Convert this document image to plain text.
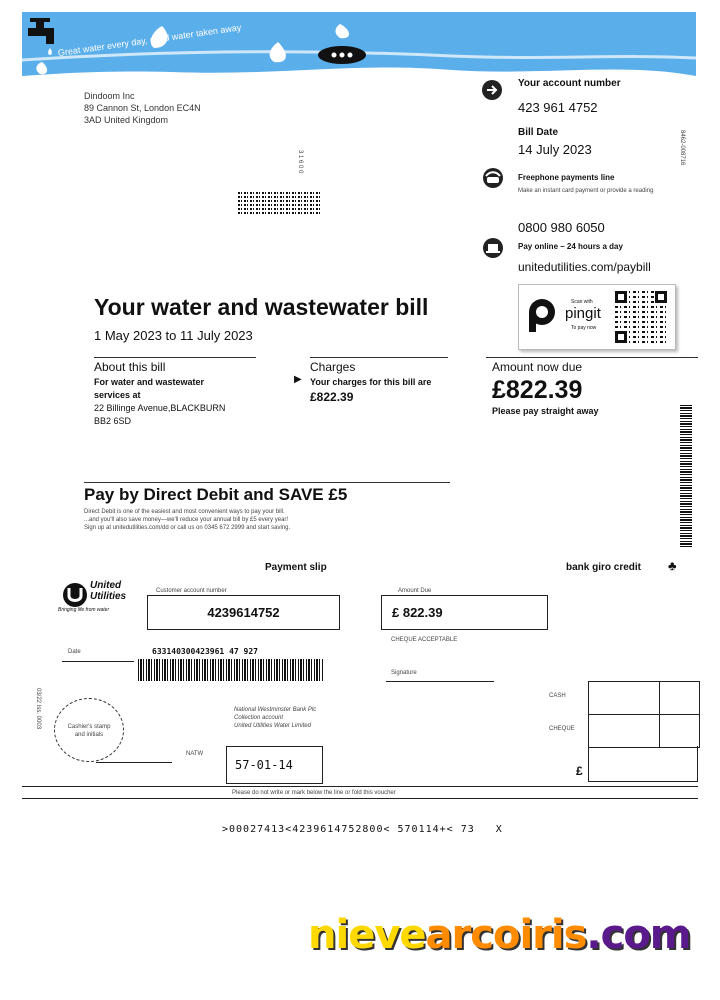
Great water every day, used water taken away
Dindoom Inc
89 Cannon St, London EC4N
3AD United Kingdom
3 1 6 0 0
Your account number
423 961 4752
Bill Date
14 July 2023	8462-008716
Freephone payments line
Make an instant card payment or provide a reading
0800 980 6050
Pay online – 24 hours a day
unitedutilities.com/paybill
Scan with
pingit
To pay now
Your water and wastewater bill
1 May 2023 to 11 July 2023
About this bill
For water and wastewater
services at
22 Billinge Avenue,BLACKBURN
BB2 6SD
Charges
Your charges for this bill are
£822.39
▶
Amount now due
£822.39
Please pay straight away
Pay by Direct Debit and SAVE £5
Direct Debit is one of the easiest and most convenient ways to pay your bill.
...and you'll also save money—we'll reduce your annual bill by £5 every year!
Sign up at unitedutilities.com/dd or call us on 0345 672 2999 and start saving.
Payment slip	bank giro credit ♣
United
Utilities
Bringing life from water
Customer account number
4239614752
Amount Due
£ 822.39
CHEQUE ACCEPTABLE
Date	633140300423961 47 927
Signature
03/22 Iss. 0003	Cashier's stamp and initials
National Westminster Bank Plc
Collection account
United Utilities Water Limited
NATW
57-01-14
CASH
CHEQUE
£
Please do not write or mark below the line or fold this voucher
>00027413<4239614752800< 570114+< 73   X
nievearcoiris.com
